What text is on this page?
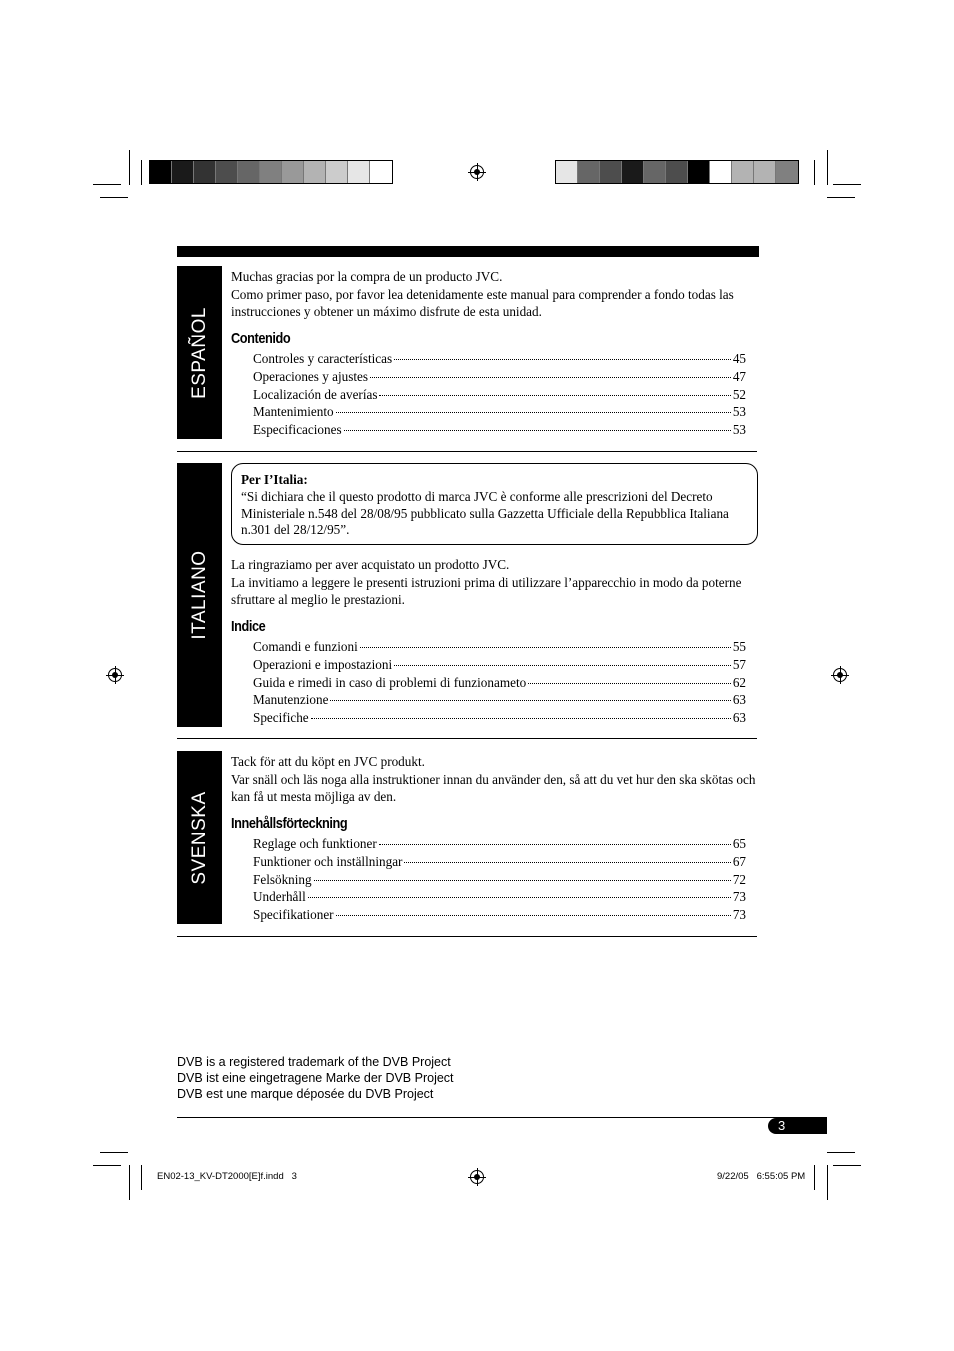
ESPAÑOL

Muchas gracias por la compra de un producto JVC.

Como primer paso, por favor lea detenidamente este manual para comprender a fondo todas las instrucciones y obtener un máximo disfrute de esta unidad.

Contenido
Controles y características	45
Operaciones y ajustes	47
Localización de averías	52
Mantenimiento	53
Especificaciones	53
ITALIANO
Per I’Italia:
“Si dichiara che il questo prodotto di marca JVC è conforme alle prescrizioni del Decreto Ministeriale n.548 del 28/08/95 pubblicato sulla Gazzetta Ufficiale della Repubblica Italiana n.301 del 28/12/95”.

La ringraziamo per aver acquistato un prodotto JVC.

La invitiamo a leggere le presenti istruzioni prima di utilizzare l’apparecchio in modo da poterne sfruttare al meglio le prestazioni.

Indice
Comandi e funzioni	55
Operazioni e impostazioni	57
Guida e rimedi in caso di problemi di funzionameto	62
Manutenzione	63
Specifiche	63
SVENSKA

Tack för att du köpt en JVC produkt.

Var snäll och läs noga alla instruktioner innan du använder den, så att du vet hur den ska skötas och kan få ut mesta möjliga av den.

Innehållsförteckning
Reglage och funktioner	65
Funktioner och inställningar	67
Felsökning	72
Underhåll	73
Specifikationer	73
DVB is a registered trademark of the DVB Project
DVB ist eine eingetragene Marke der DVB Project
DVB est une marque déposée du DVB Project
3
EN02-13_KV-DT2000[E]f.indd   3	9/22/05   6:55:05 PM
